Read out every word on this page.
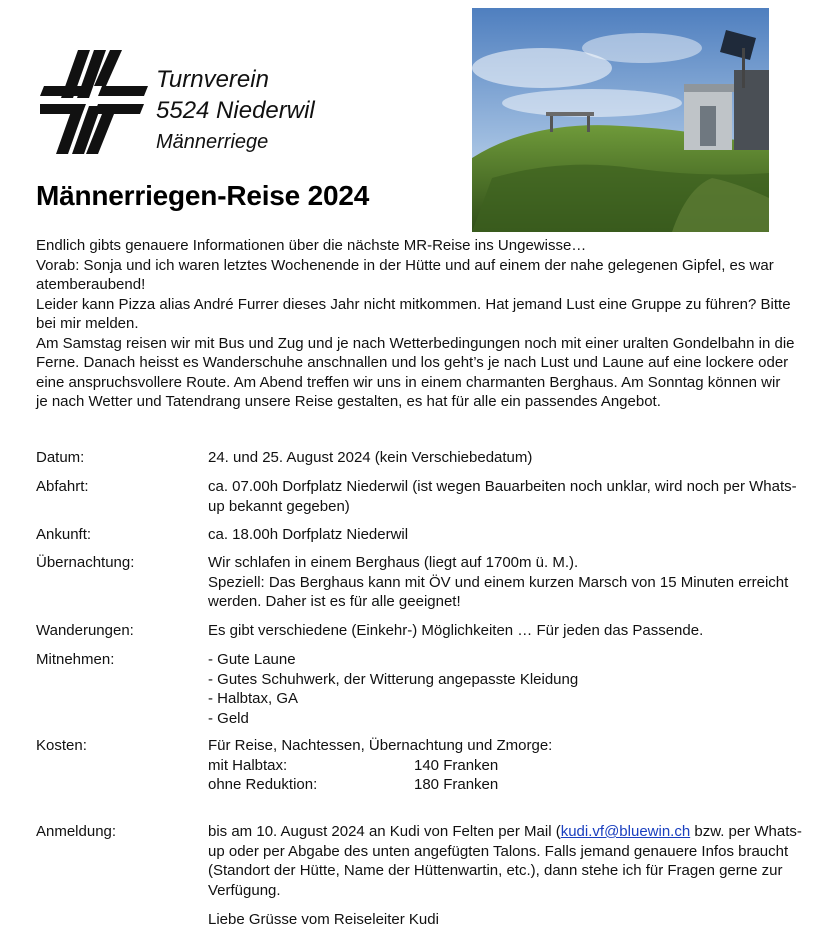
Turnverein
5524 Niederwil
Männerriege
Männerriegen-Reise 2024

Endlich gibts genauere Informationen über die nächste MR-Reise ins Ungewisse…

Vorab: Sonja und ich waren letztes Wochenende in der Hütte und auf einem der nahe gelegenen Gipfel, es war atemberaubend!

Leider kann Pizza alias André Furrer dieses Jahr nicht mitkommen. Hat jemand Lust eine Gruppe zu führen? Bitte bei mir melden.

Am Samstag reisen wir mit Bus und Zug und je nach Wetterbedingungen noch mit einer uralten Gondelbahn in die Ferne. Danach heisst es Wanderschuhe anschnallen und los geht’s je nach Lust und Laune auf eine lockere oder eine anspruchsvollere Route. Am Abend treffen wir uns in einem charmanten Berghaus. Am Sonntag können wir je nach Wetter und Tatendrang unsere Reise gestalten, es hat für alle ein passendes Angebot.

Datum:	24. und 25. August 2024 (kein Verschiebedatum)
Abfahrt:	ca. 07.00h Dorfplatz Niederwil (ist wegen Bauarbeiten noch unklar, wird noch per Whats-up bekannt gegeben)
Ankunft:	ca. 18.00h Dorfplatz Niederwil
Übernachtung:	Wir schlafen in einem Berghaus (liegt auf 1700m ü. M.).

Speziell: Das Berghaus kann mit ÖV und einem kurzen Marsch von 15 Minuten erreicht werden. Daher ist es für alle geeignet!

Wanderungen:	Es gibt verschiedene (Einkehr-) Möglichkeiten … Für jeden das Passende.
Mitnehmen:	- Gute Laune

- Gutes Schuhwerk, der Witterung angepasste Kleidung

- Halbtax, GA

- Geld

Kosten:	Für Reise, Nachtessen, Übernachtung und Zmorge:

mit Halbtax:	140 Franken
ohne Reduktion:	180 Franken
Anmeldung:	bis am 10. August 2024 an Kudi von Felten per Mail (kudi.vf@bluewin.ch bzw. per Whats-up oder per Abgabe des unten angefügten Talons. Falls jemand genauere Infos braucht (Standort der Hütte, Name der Hüttenwartin, etc.), dann stehe ich für Fragen gerne zur Verfügung.

Liebe Grüsse vom Reiseleiter Kudi
